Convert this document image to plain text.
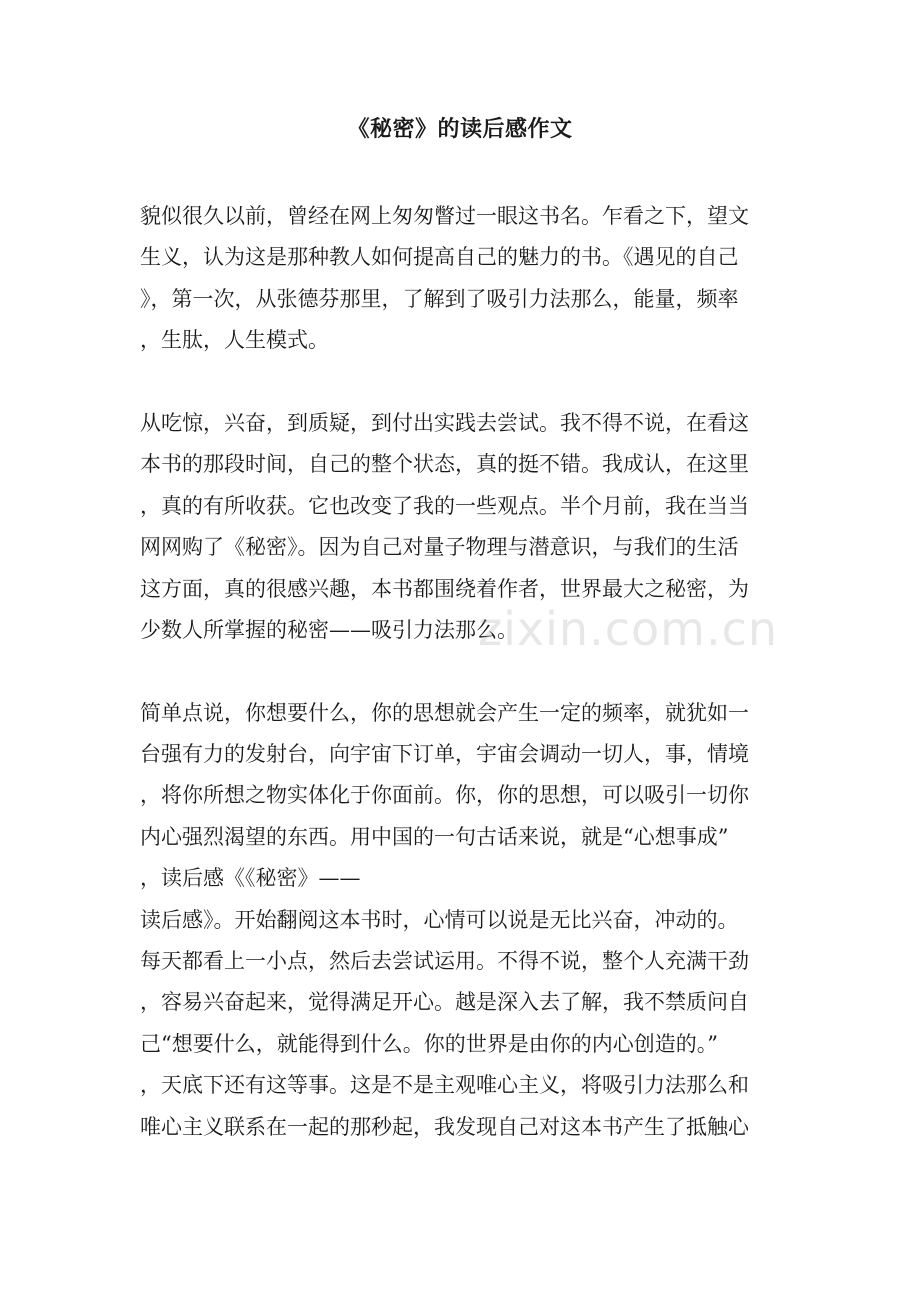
《秘密》的读后感作文
貌似很久以前，曾经在网上匆匆瞥过一眼这书名。乍看之下，望文
生义，认为这是那种教人如何提高自己的魅力的书。《遇见的自己
》，第一次，从张德芬那里，了解到了吸引力法那么，能量，频率
，生肽，人生模式。
从吃惊，兴奋，到质疑，到付出实践去尝试。我不得不说，在看这
本书的那段时间，自己的整个状态，真的挺不错。我成认，在这里
，真的有所收获。它也改变了我的一些观点。半个月前，我在当当
网网购了《秘密》。因为自己对量子物理与潜意识，与我们的生活
这方面，真的很感兴趣，本书都围绕着作者，世界最大之秘密，为
少数人所掌握的秘密——吸引力法那么。
简单点说，你想要什么，你的思想就会产生一定的频率，就犹如一
台强有力的发射台，向宇宙下订单，宇宙会调动一切人，事，情境
，将你所想之物实体化于你面前。你，你的思想，可以吸引一切你
内心强烈渴望的东西。用中国的一句古话来说，就是“心想事成”
，读后感《《秘密》——
读后感》。开始翻阅这本书时，心情可以说是无比兴奋，冲动的。
每天都看上一小点，然后去尝试运用。不得不说，整个人充满干劲
，容易兴奋起来，觉得满足开心。越是深入去了解，我不禁质问自
己“想要什么，就能得到什么。你的世界是由你的内心创造的。”
，天底下还有这等事。这是不是主观唯心主义，将吸引力法那么和
唯心主义联系在一起的那秒起，我发现自己对这本书产生了抵触心
zixin.com.cn
